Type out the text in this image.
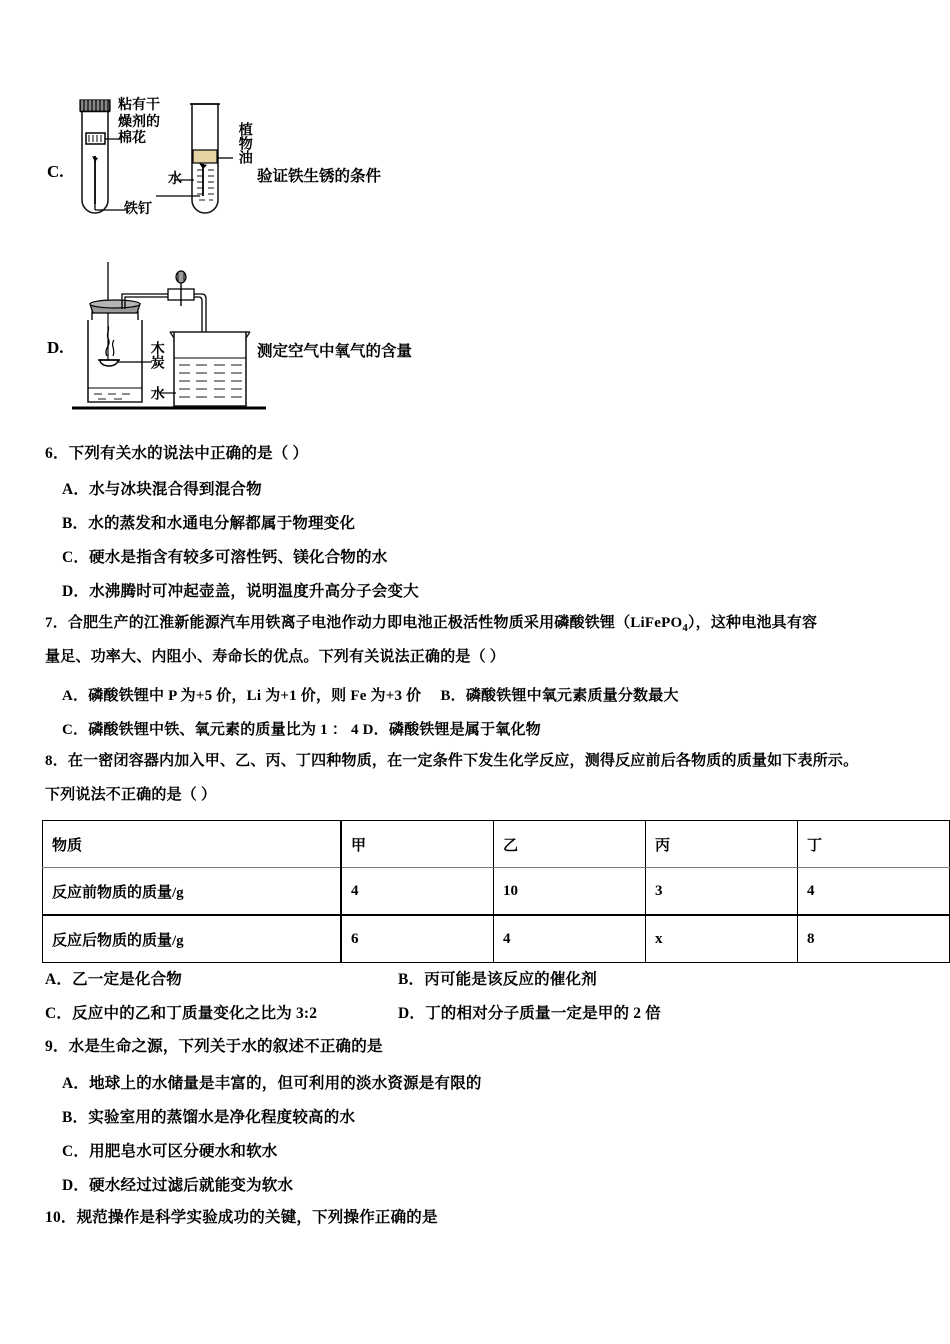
C.
粘有干
燥剂的
棉花
铁钉
水
植物油
验证铁生锈的条件
D.	木炭
水
测定空气中氧气的含量
6．下列有关水的说法中正确的是（ ）
A．水与冰块混合得到混合物
B．水的蒸发和水通电分解都属于物理变化
C．硬水是指含有较多可溶性钙、镁化合物的水
D．水沸腾时可冲起壶盖，说明温度升高分子会变大
7．合肥生产的江淮新能源汽车用铁离子电池作动力即电池正极活性物质采用磷酸铁锂（LiFePO$_4$），这种电池具有容
量足、功率大、内阻小、寿命长的优点。下列有关说法正确的是（ ）
A．磷酸铁锂中 P 为+5 价，Li 为+1 价，则 Fe 为+3 价　 B．磷酸铁锂中氧元素质量分数最大
C．磷酸铁锂中铁、氧元素的质量比为 1 ： 4 D．磷酸铁锂是属于氧化物
8．在一密闭容器内加入甲、乙、丙、丁四种物质，在一定条件下发生化学反应，测得反应前后各物质的质量如下表所示。
下列说法不正确的是（ ）
物质	甲	乙	丙	丁
反应前物质的质量/g	4	10	3	4
反应后物质的质量/g	6	4	x	8
A．乙一定是化合物	B．丙可能是该反应的催化剂
C．反应中的乙和丁质量变化之比为 3:2	D．丁的相对分子质量一定是甲的 2 倍
9．水是生命之源，下列关于水的叙述不正确的是
A．地球上的水储量是丰富的，但可利用的淡水资源是有限的
B．实验室用的蒸馏水是净化程度较高的水
C．用肥皂水可区分硬水和软水
D．硬水经过过滤后就能变为软水
10．规范操作是科学实验成功的关键，下列操作正确的是
